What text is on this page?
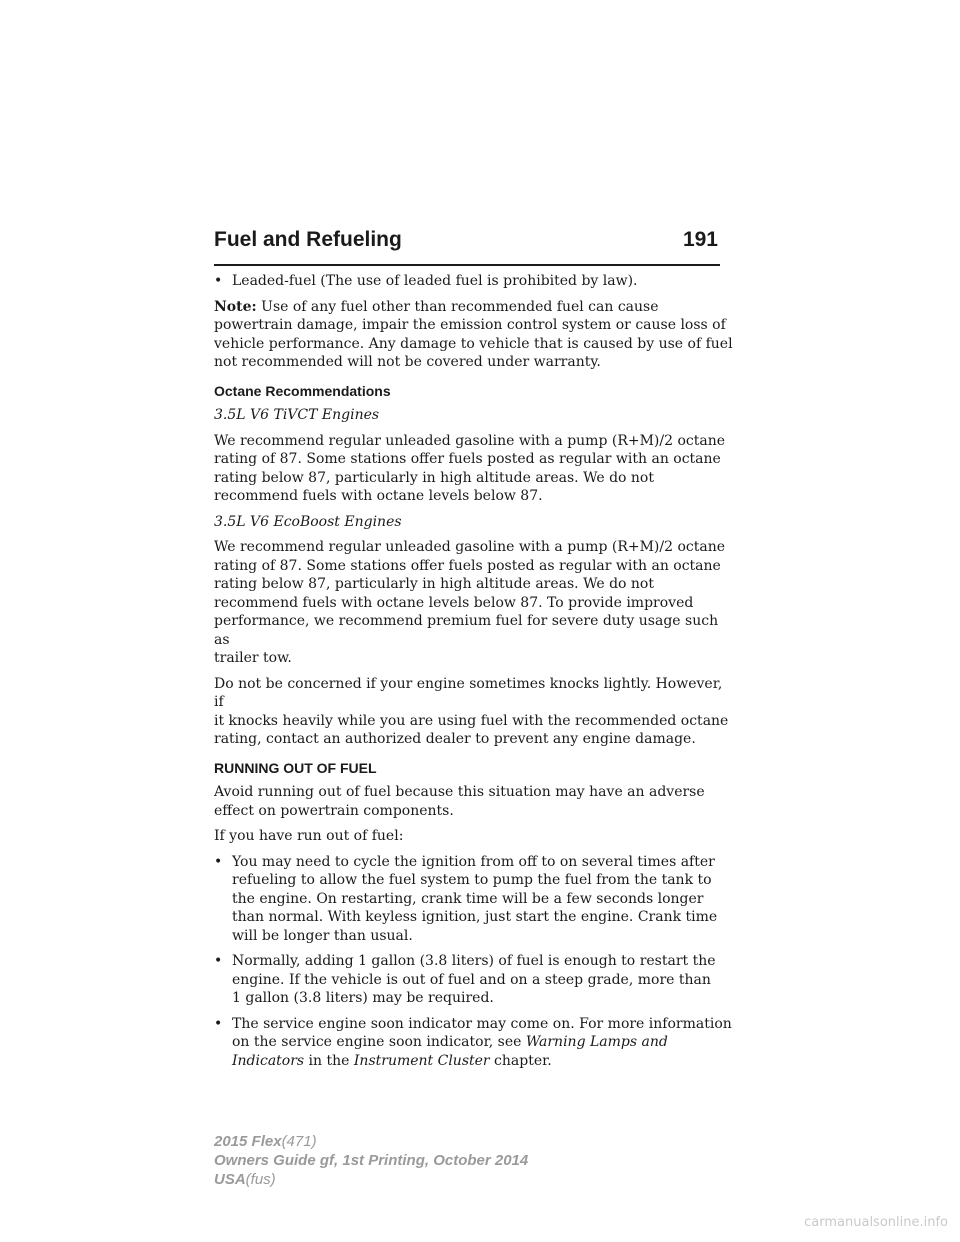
Fuel and Refueling	191
• Leaded-fuel (The use of leaded fuel is prohibited by law).

Note: Use of any fuel other than recommended fuel can cause
powertrain damage, impair the emission control system or cause loss of
vehicle performance. Any damage to vehicle that is caused by use of fuel
not recommended will not be covered under warranty.

Octane Recommendations
3.5L V6 TiVCT Engines

We recommend regular unleaded gasoline with a pump (R+M)/2 octane
rating of 87. Some stations offer fuels posted as regular with an octane
rating below 87, particularly in high altitude areas. We do not
recommend fuels with octane levels below 87.

3.5L V6 EcoBoost Engines

We recommend regular unleaded gasoline with a pump (R+M)/2 octane
rating of 87. Some stations offer fuels posted as regular with an octane
rating below 87, particularly in high altitude areas. We do not
recommend fuels with octane levels below 87. To provide improved
performance, we recommend premium fuel for severe duty usage such as
trailer tow.

Do not be concerned if your engine sometimes knocks lightly. However, if
it knocks heavily while you are using fuel with the recommended octane
rating, contact an authorized dealer to prevent any engine damage.

RUNNING OUT OF FUEL

Avoid running out of fuel because this situation may have an adverse
effect on powertrain components.

If you have run out of fuel:

• You may need to cycle the ignition from off to on several times after
refueling to allow the fuel system to pump the fuel from the tank to
the engine. On restarting, crank time will be a few seconds longer
than normal. With keyless ignition, just start the engine. Crank time
will be longer than usual.
• Normally, adding 1 gallon (3.8 liters) of fuel is enough to restart the
engine. If the vehicle is out of fuel and on a steep grade, more than
1 gallon (3.8 liters) may be required.
• The service engine soon indicator may come on. For more information
on the service engine soon indicator, see Warning Lamps and
Indicators in the Instrument Cluster chapter.
2015 Flex(471)
Owners Guide gf, 1st Printing, October 2014
USA(fus)
carmanualsonline.info
